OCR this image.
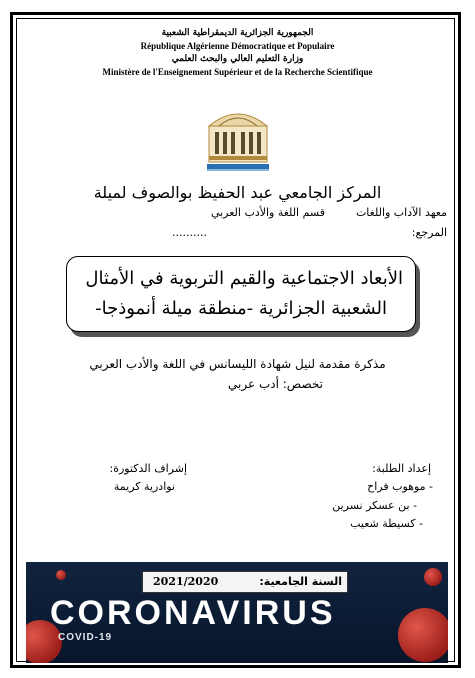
الجمهورية الجزائرية الديمقراطية الشعبية
République Algérienne Démocratique et Populaire
وزارة التعليم العالي والبحث العلمي
Ministère de l'Enseignement Supérieur et de la Recherche Scientifique
المركز الجامعي عبد الحفيظ بوالصوف لميلة
معهد الآداب واللغات
قسم اللغة والأدب العربي
المرجع:
..........
الأبعاد الاجتماعية والقيم التربوية في الأمثال
الشعبية الجزائرية -منطقة ميلة أنموذجا-
مذكرة مقدمة لنيل شهادة الليسانس في اللغة والأدب العربي
تخصص: أدب عربي
إعداد الطلبة:
- موهوب فراح
- بن عسكر نسرين
- كسيطة شعيب
إشراف الدكتورة:
نوادرية كريمة
السنة الجامعية:
2021/2020
CORONAVIRUS
COVID-19
